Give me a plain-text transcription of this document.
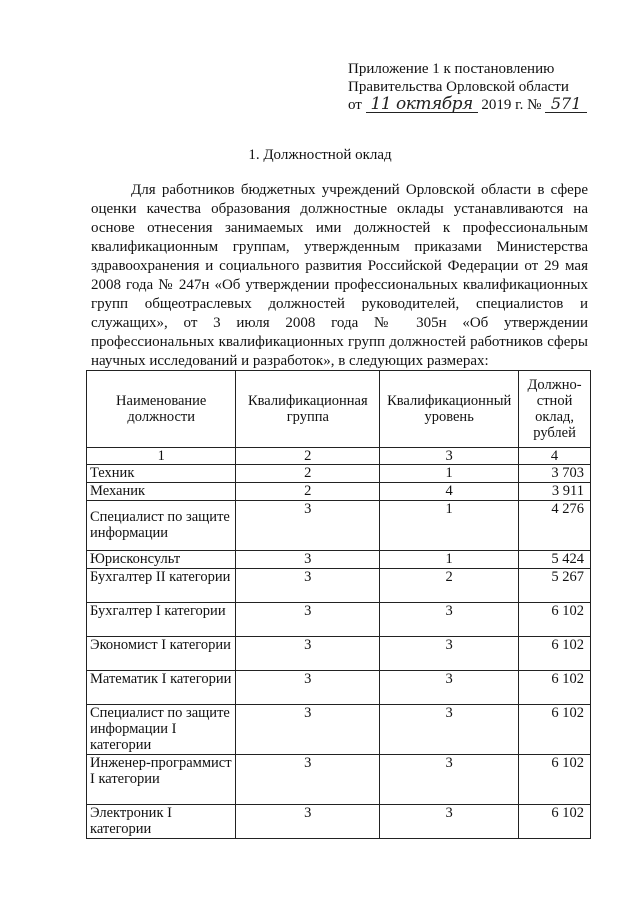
Приложение 1 к постановлению
Правительства Орловской области
от 11 октября 2019 г. № 571
1. Должностной оклад
Для работников бюджетных учреждений Орловской области в сфере оценки качества образования должностные оклады устанавливаются на основе отнесения занимаемых ими должностей к профессиональным квалификационным группам, утвержденным приказами Министерства здравоохранения и социального развития Российской Федерации от 29 мая 2008 года № 247н «Об утверждении профессиональных квалификационных групп общеотраслевых должностей руководителей, специалистов и служащих», от 3 июля 2008 года № 305н «Об утверждении профессиональных квалификационных групп должностей работников сферы научных исследований и разработок», в следующих размерах:
Наименование должности	Квалификационная группа	Квалификационный уровень	Должно-стной оклад, рублей
1	2	3	4
Техник	2	1	3 703
Механик	2	4	3 911
Специалист по защите информации	3	1	4 276
Юрисконсульт	3	1	5 424
Бухгалтер II категории	3	2	5 267
Бухгалтер I категории	3	3	6 102
Экономист I категории	3	3	6 102
Математик I категории	3	3	6 102
Специалист по защите информации I категории	3	3	6 102
Инженер-программист I категории	3	3	6 102
Электроник I категории	3	3	6 102
